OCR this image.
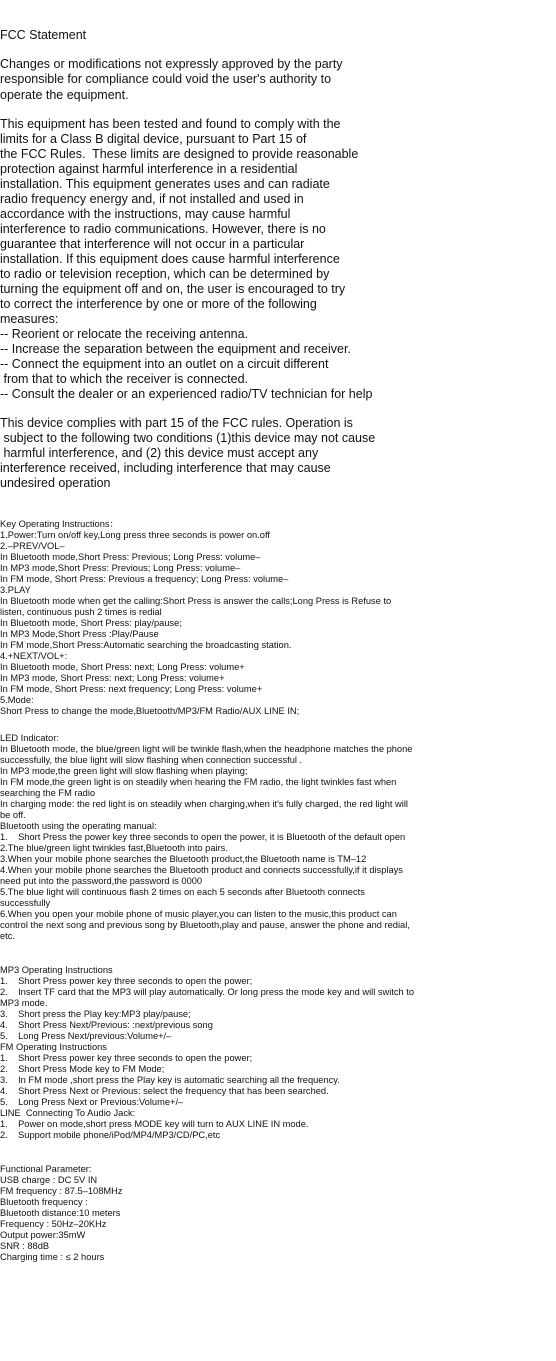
FCC Statement
Changes or modifications not expressly approved by the party
responsible for compliance could void the user's authority to
operate the equipment.
This equipment has been tested and found to comply with the
limits for a Class B digital device, pursuant to Part 15 of
the FCC Rules.  These limits are designed to provide reasonable
protection against harmful interference in a residential
installation. This equipment generates uses and can radiate
radio frequency energy and, if not installed and used in
accordance with the instructions, may cause harmful
interference to radio communications. However, there is no
guarantee that interference will not occur in a particular
installation. If this equipment does cause harmful interference
to radio or television reception, which can be determined by
turning the equipment off and on, the user is encouraged to try
to correct the interference by one or more of the following
measures:
-- Reorient or relocate the receiving antenna.
-- Increase the separation between the equipment and receiver.
-- Connect the equipment into an outlet on a circuit different
from that to which the receiver is connected.
-- Consult the dealer or an experienced radio/TV technician for help
This device complies with part 15 of the FCC rules. Operation is
subject to the following two conditions (1)this device may not cause
harmful interference, and (2) this device must accept any
interference received, including interference that may cause
undesired operation
Key Operating Instructions：
1.Power:Turn on/off key,Long press three seconds is power on.off
2.–PREV/VOL–
In Bluetooth mode,Short Press: Previous; Long Press: volume–
In MP3 mode,Short Press: Previous; Long Press: volume–
In FM mode, Short Press: Previous a frequency; Long Press: volume–
3.PLAY
In Bluetooth mode when get the calling:Short Press is answer the calls;Long Press is Refuse to
listen, continuous push 2 times is redial
In Bluetooth mode, Short Press: play/pause;
In MP3 Mode,Short Press :Play/Pause
In FM mode,Short Press:Automatic searching the broadcasting station.
4.+NEXT/VOL+:
In Bluetooth mode, Short Press: next; Long Press: volume+
In MP3 mode, Short Press: next; Long Press: volume+
In FM mode, Short Press: next frequency; Long Press: volume+
5.Mode:
Short Press to change the mode,Bluetooth/MP3/FM Radio/AUX LINE IN;
LED Indicator:
In Bluetooth mode, the blue/green light will be twinkle flash,when the headphone matches the phone
successfully, the blue light will slow flashing when connection successful .
In MP3 mode,the green light will slow flashing when playing;
In FM mode,the green light is on steadily when hearing the FM radio, the light twinkles fast when
searching the FM radio
In charging mode: the red light is on steadily when charging,when it's fully charged, the red light will
be off.
Bluetooth using the operating manual:
1.    Short Press the power key three seconds to open the power, it is Bluetooth of the default open
2.The blue/green light twinkles fast,Bluetooth into pairs.
3.When your mobile phone searches the Bluetooth product,the Bluetooth name is TM–12
4.When your mobile phone searches the Bluetooth product and connects successfully,if it displays
need put into the password,the password is 0000
5.The blue light will continuous flash 2 times on each 5 seconds after Bluetooth connects
successfully
6.When you open your mobile phone of music player,you can listen to the music,this product can
control the next song and previous song by Bluetooth,play and pause, answer the phone and redial,
etc.
MP3 Operating Instructions
1.    Short Press power key three seconds to open the power;
2.    Insert TF card that the MP3 will play automatically. Or long press the mode key and will switch to
MP3 mode.
3.    Short press the Play key:MP3 play/pause;
4.    Short Press Next/Previous: :next/previous song
5.    Long Press Next/previous:Volume+/–
FM Operating Instructions
1.    Short Press power key three seconds to open the power;
2.    Short Press Mode key to FM Mode;
3.    In FM mode ,short press the Play key is automatic searching all the frequency.
4.    Short Press Next or Previous: select the frequency that has been searched.
5.    Long Press Next or Previous:Volume+/–
LINE  Connecting To Audio Jack:
1.    Power on mode,short press MODE key will turn to AUX LINE IN mode.
2.    Support mobile phone/iPod/MP4/MP3/CD/PC,etc
Functional Parameter:
USB charge : DC 5V IN
FM frequency : 87.5–108MHz
Bluetooth frequency :
Bluetooth distance:10 meters
Frequency : 50Hz–20KHz
Output power:35mW
SNR : 88dB
Charging time : ≤ 2 hours
